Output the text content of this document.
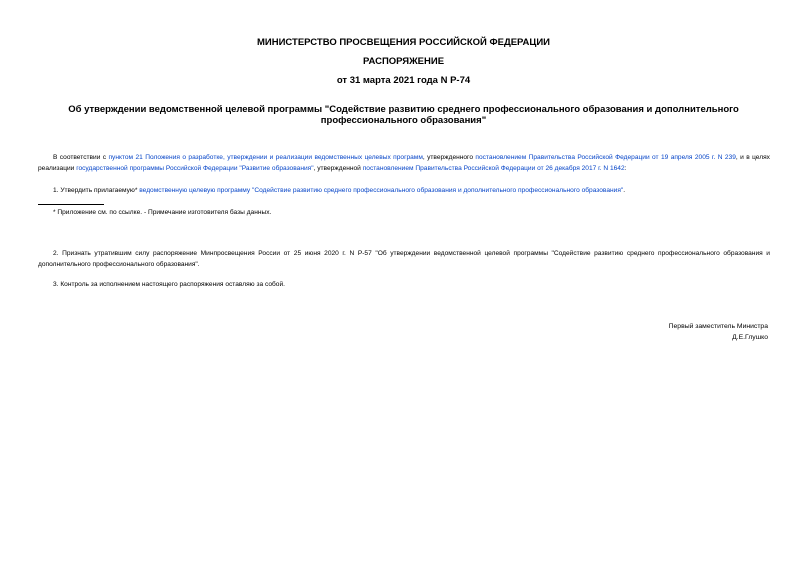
МИНИСТЕРСТВО ПРОСВЕЩЕНИЯ РОССИЙСКОЙ ФЕДЕРАЦИИ
РАСПОРЯЖЕНИЕ
от 31 марта 2021 года N Р-74
Об утверждении ведомственной целевой программы "Содействие развитию среднего профессионального образования и дополнительного профессионального образования"

В соответствии с пунктом 21 Положения о разработке, утверждении и реализации ведомственных целевых программ, утвержденного постановлением Правительства Российской Федерации от 19 апреля 2005 г. N 239, и в целях реализации государственной программы Российской Федерации "Развитие образования", утвержденной постановлением Правительства Российской Федерации от 26 декабря 2017 г. N 1642:

1. Утвердить прилагаемую* ведомственную целевую программу "Содействие развитию среднего профессионального образования и дополнительного профессионального образования".

* Приложение см. по ссылке. - Примечание изготовителя базы данных.

2. Признать утратившим силу распоряжение Минпросвещения России от 25 июня 2020 г. N Р-57 "Об утверждении ведомственной целевой программы "Содействие развитию среднего профессионального образования и дополнительного профессионального образования".

3. Контроль за исполнением настоящего распоряжения оставляю за собой.

Первый заместитель Министра
Д.Е.Глушко
